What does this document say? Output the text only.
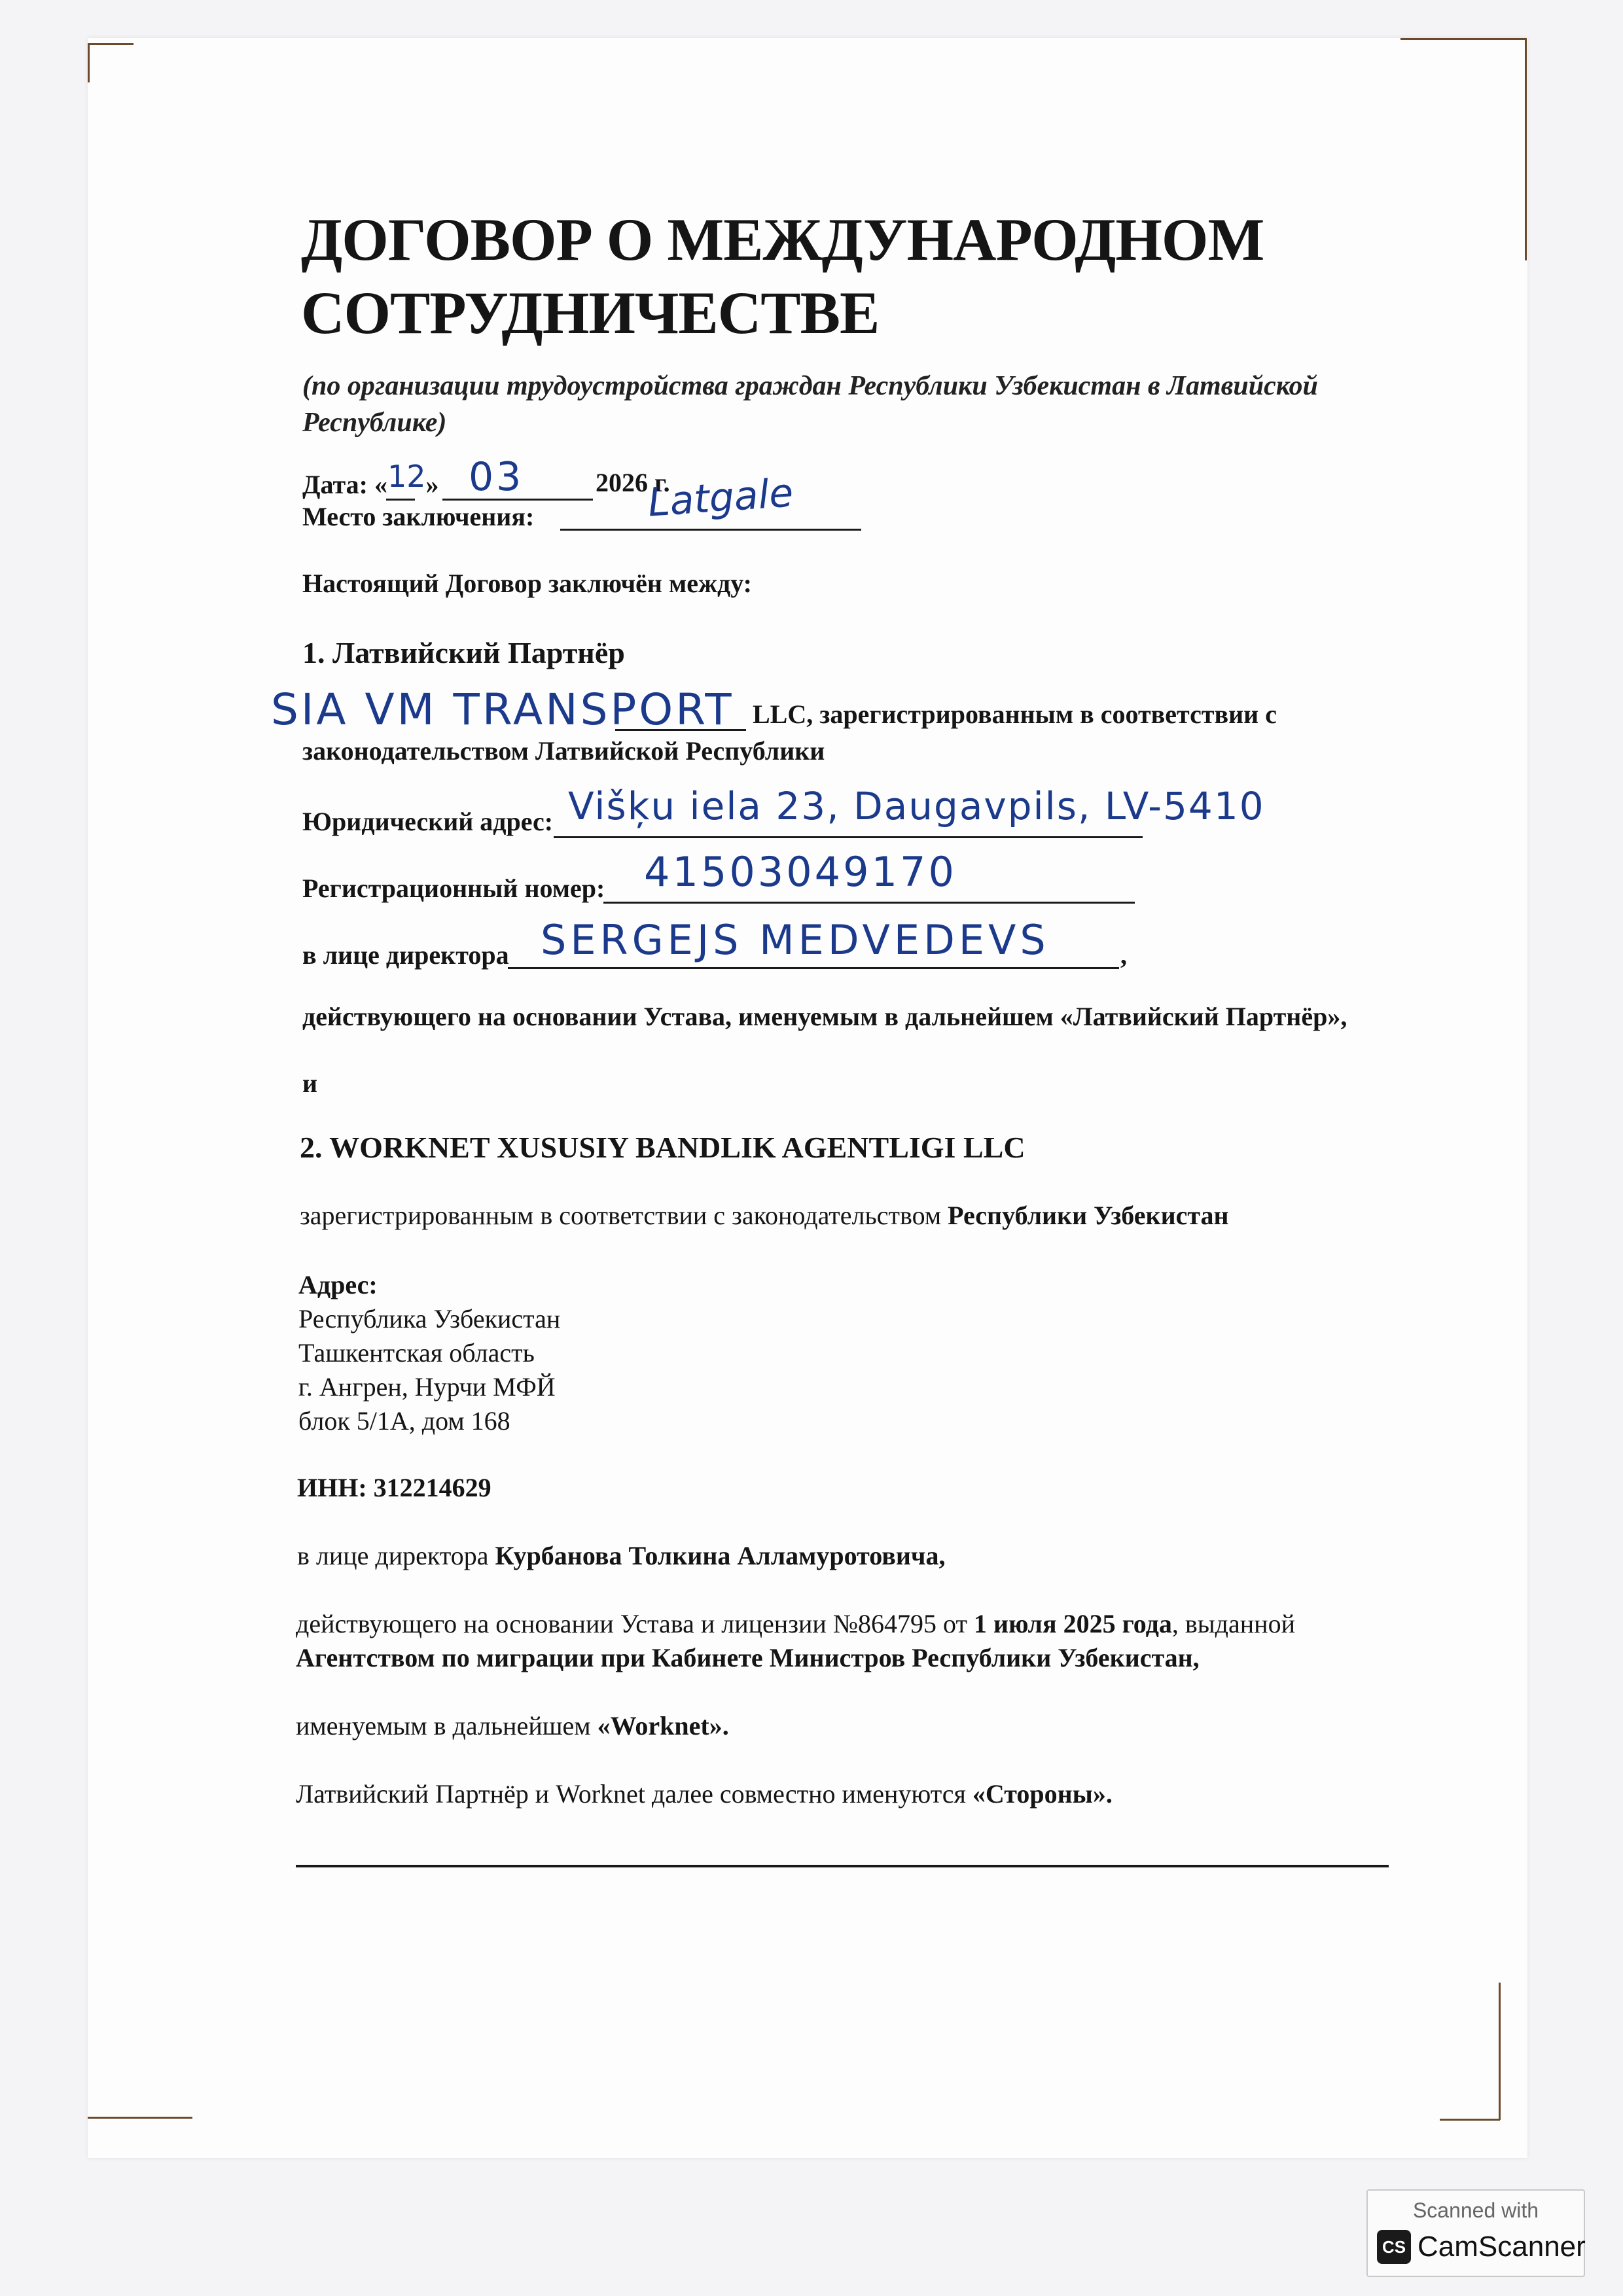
ДОГОВОР О МЕЖДУНАРОДНОМ
СОТРУДНИЧЕСТВЕ
(по организации трудоустройства граждан Республики Узбекистан в Латвийской
Республике)
Дата: «12» 03	2026 г.
Место заключения:	Latgale
Настоящий Договор заключён между:
1. Латвийский Партнёр
SIA VM TRANSPORT LLC, зарегистрированным в соответствии с
законодательством Латвийской Республики
Юридический адрес: Višķu iela 23, Daugavpils, LV-5410
Регистрационный номер: 41503049170
в лице директора SERGEJS MEDVEDEVS	,
действующего на основании Устава, именуемым в дальнейшем «Латвийский Партнёр»,
и
2. WORKNET XUSUSIY BANDLIK AGENTLIGI LLC
зарегистрированным в соответствии с законодательством Республики Узбекистан
Адрес:
Республика Узбекистан
Ташкентская область
г. Ангрен, Нурчи МФЙ
блок 5/1А, дом 168
ИНН: 312214629
в лице директора Курбанова Толкина Алламуротовича,
действующего на основании Устава и лицензии №864795 от 1 июля 2025 года, выданной
Агентством по миграции при Кабинете Министров Республики Узбекистан,
именуемым в дальнейшем «Worknet».
Латвийский Партнёр и Worknet далее совместно именуются «Стороны».
Scanned with
CS CamScanner
